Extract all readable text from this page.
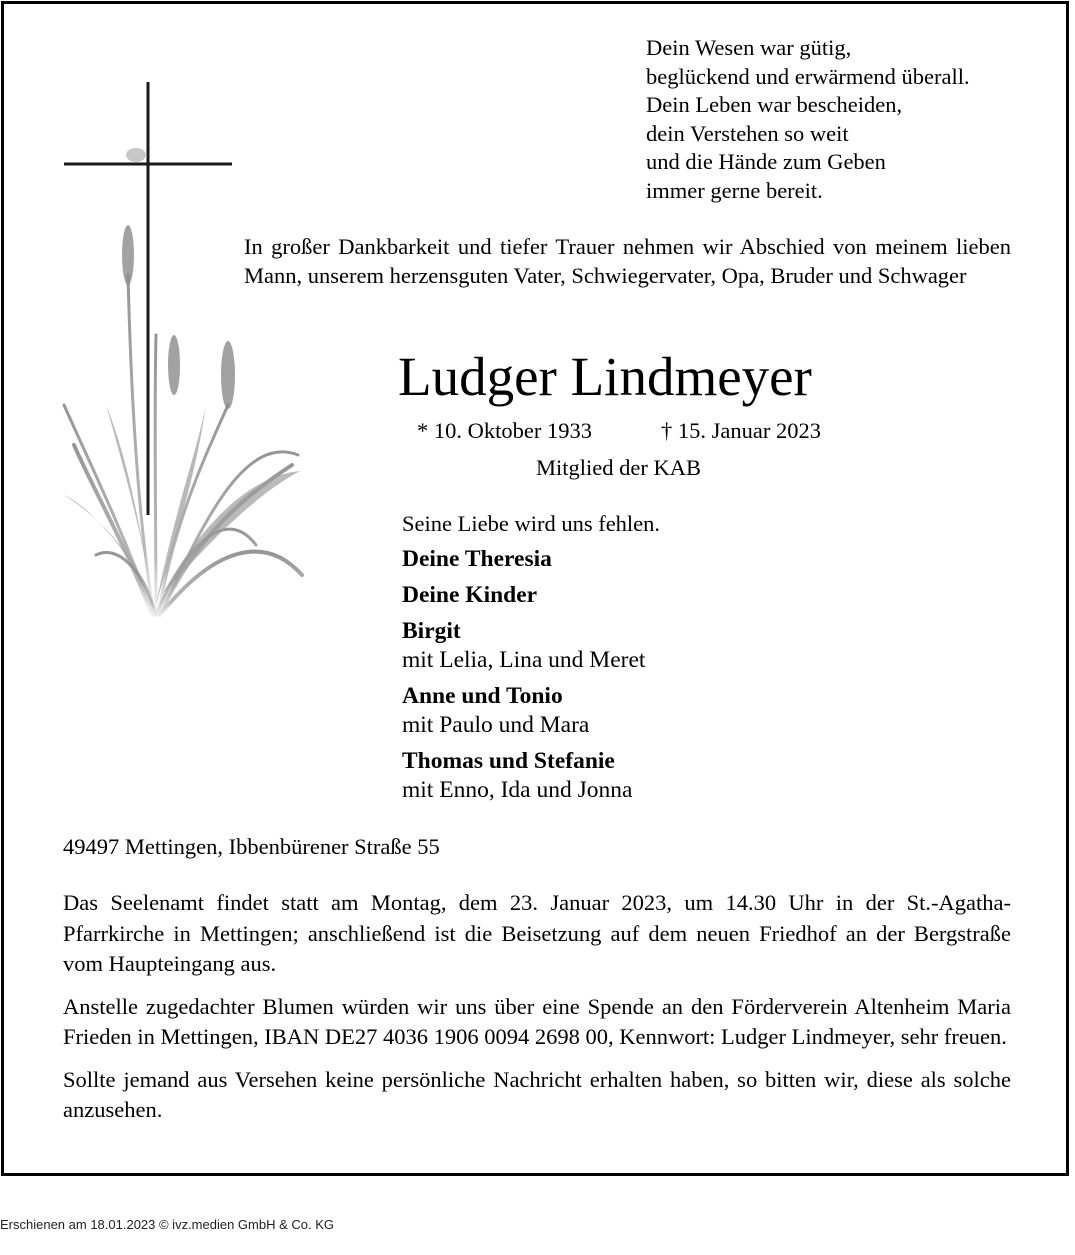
Dein Wesen war gütig,
beglückend und erwärmend überall.
Dein Leben war bescheiden,
dein Verstehen so weit
und die Hände zum Geben
immer gerne bereit.
In großer Dankbarkeit und tiefer Trauer nehmen wir Abschied von meinem lieben Mann, unserem herzensguten Vater, Schwiegervater, Opa, Bruder und Schwager
Ludger Lindmeyer
* 10. Oktober 1933	† 15. Januar 2023
Mitglied der KAB
Seine Liebe wird uns fehlen.
Deine Theresia
Deine Kinder
Birgit
mit Lelia, Lina und Meret
Anne und Tonio
mit Paulo und Mara
Thomas und Stefanie
mit Enno, Ida und Jonna
49497 Mettingen, Ibbenbürener Straße 55

Das Seelenamt findet statt am Montag, dem 23. Januar 2023, um 14.30 Uhr in der St.-Agatha-Pfarrkirche in Mettingen; anschließend ist die Beisetzung auf dem neuen Friedhof an der Bergstraße vom Haupteingang aus.

Anstelle zugedachter Blumen würden wir uns über eine Spende an den Förderverein Altenheim Maria Frieden in Mettingen, IBAN DE27 4036 1906 0094 2698 00, Kennwort: Ludger Lindmeyer, sehr freuen.

Sollte jemand aus Versehen keine persönliche Nachricht erhalten haben, so bitten wir, diese als solche anzusehen.

Erschienen am 18.01.2023 © ivz.medien GmbH & Co. KG
